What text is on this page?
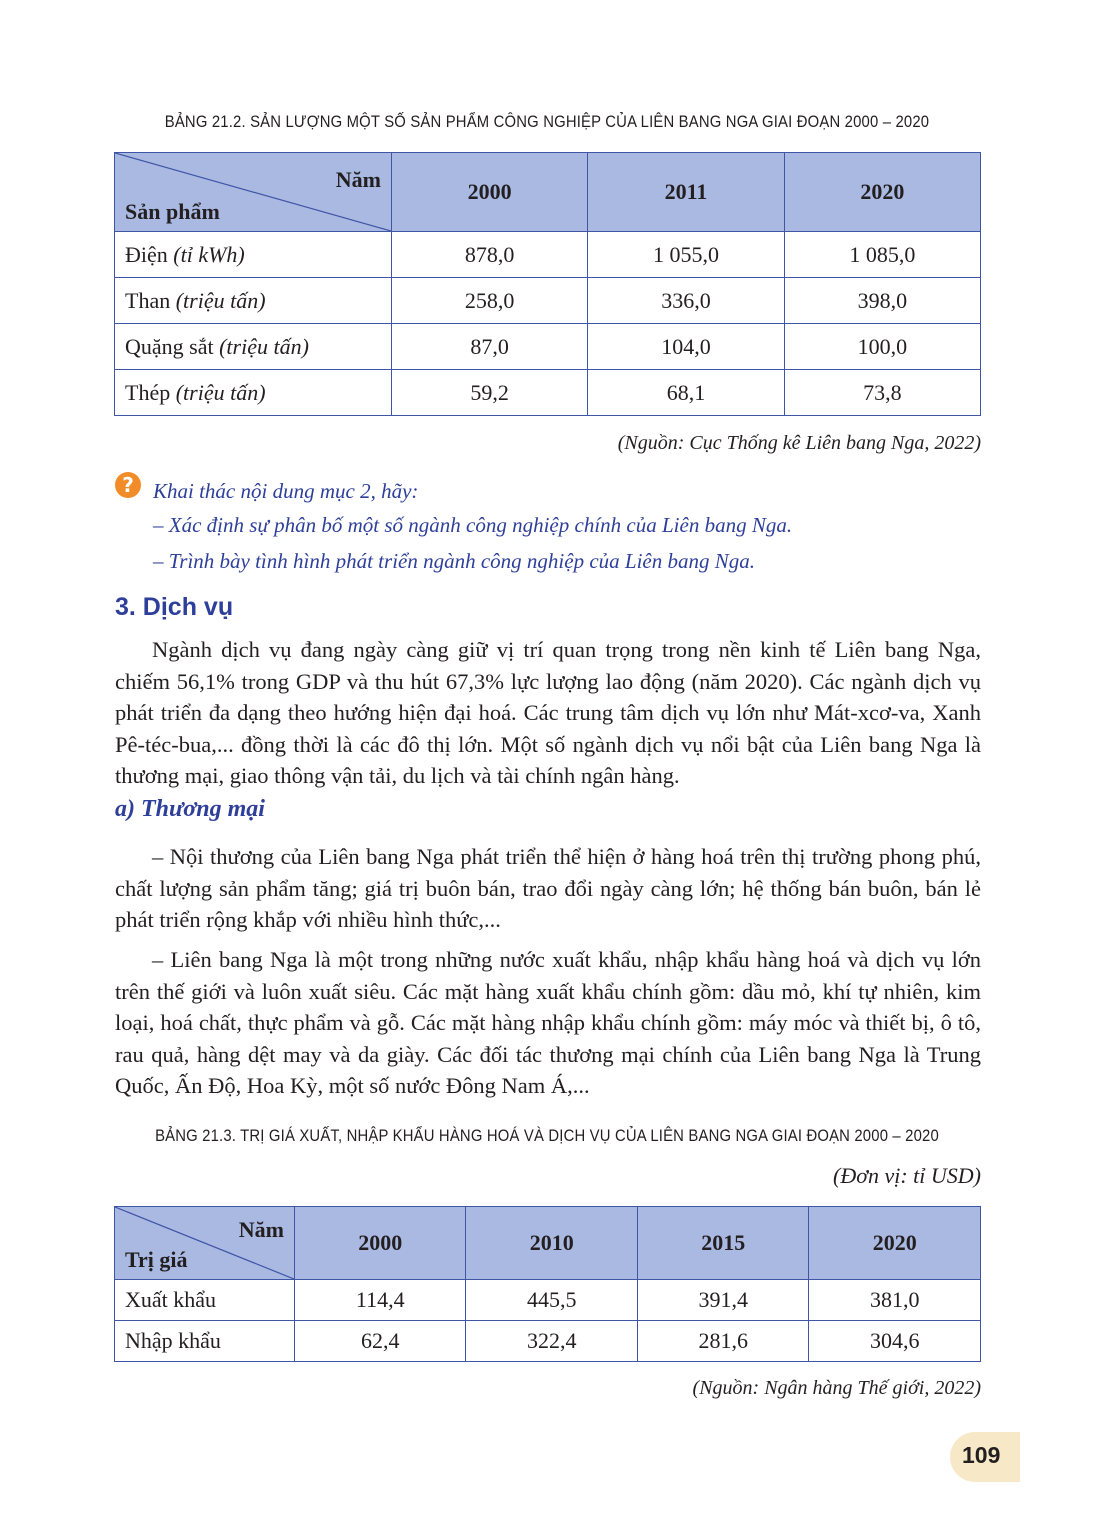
BẢNG 21.2. SẢN LƯỢNG MỘT SỐ SẢN PHẨM CÔNG NGHIỆP CỦA LIÊN BANG NGA GIAI ĐOẠN 2000 – 2020
Năm
Sản phẩm	2000	2011	2020
Điện (tỉ kWh)	878,0	1 055,0	1 085,0
Than (triệu tấn)	258,0	336,0	398,0
Quặng sắt (triệu tấn)	87,0	104,0	100,0
Thép (triệu tấn)	59,2	68,1	73,8
(Nguồn: Cục Thống kê Liên bang Nga, 2022)
? Khai thác nội dung mục 2, hãy:
– Xác định sự phân bố một số ngành công nghiệp chính của Liên bang Nga.
– Trình bày tình hình phát triển ngành công nghiệp của Liên bang Nga.
3. Dịch vụ

Ngành dịch vụ đang ngày càng giữ vị trí quan trọng trong nền kinh tế Liên bang Nga, chiếm 56,1% trong GDP và thu hút 67,3% lực lượng lao động (năm 2020). Các ngành dịch vụ phát triển đa dạng theo hướng hiện đại hoá. Các trung tâm dịch vụ lớn như Mát-xcơ-va, Xanh Pê-téc-bua,... đồng thời là các đô thị lớn. Một số ngành dịch vụ nổi bật của Liên bang Nga là thương mại, giao thông vận tải, du lịch và tài chính ngân hàng.

a) Thương mại

– Nội thương của Liên bang Nga phát triển thể hiện ở hàng hoá trên thị trường phong phú, chất lượng sản phẩm tăng; giá trị buôn bán, trao đổi ngày càng lớn; hệ thống bán buôn, bán lẻ phát triển rộng khắp với nhiều hình thức,...

– Liên bang Nga là một trong những nước xuất khẩu, nhập khẩu hàng hoá và dịch vụ lớn trên thế giới và luôn xuất siêu. Các mặt hàng xuất khẩu chính gồm: dầu mỏ, khí tự nhiên, kim loại, hoá chất, thực phẩm và gỗ. Các mặt hàng nhập khẩu chính gồm: máy móc và thiết bị, ô tô, rau quả, hàng dệt may và da giày. Các đối tác thương mại chính của Liên bang Nga là Trung Quốc, Ấn Độ, Hoa Kỳ, một số nước Đông Nam Á,...

BẢNG 21.3. TRỊ GIÁ XUẤT, NHẬP KHẨU HÀNG HOÁ VÀ DỊCH VỤ CỦA LIÊN BANG NGA GIAI ĐOẠN 2000 – 2020
(Đơn vị: tỉ USD)
Năm
Trị giá	2000	2010	2015	2020
Xuất khẩu	114,4	445,5	391,4	381,0
Nhập khẩu	62,4	322,4	281,6	304,6
(Nguồn: Ngân hàng Thế giới, 2022)
109
